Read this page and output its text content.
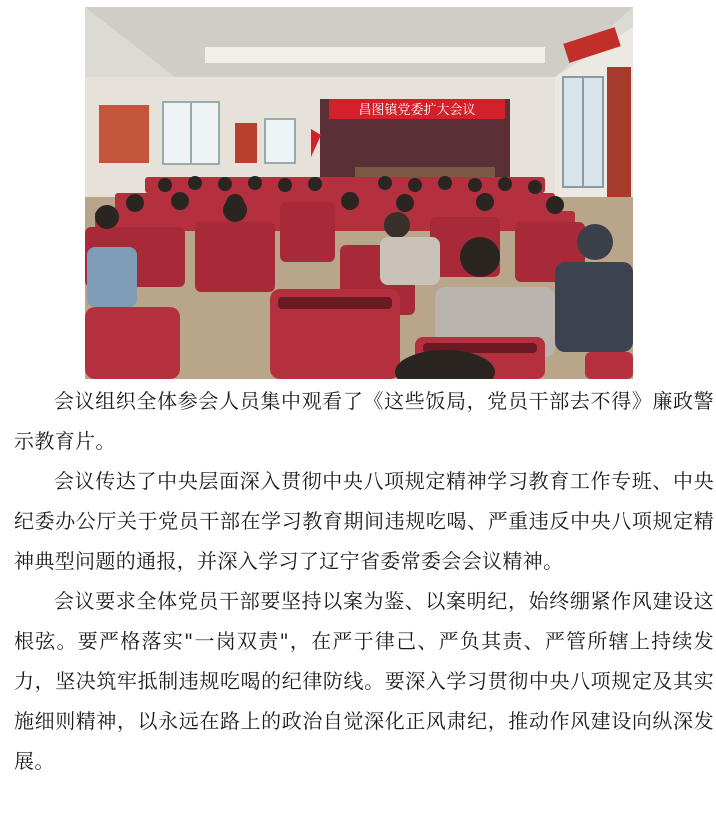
昌图镇党委扩大会议

会议组织全体参会人员集中观看了《这些饭局，党员干部去不得》廉政警示教育片。

会议传达了中央层面深入贯彻中央八项规定精神学习教育工作专班、中央纪委办公厅关于党员干部在学习教育期间违规吃喝、严重违反中央八项规定精神典型问题的通报，并深入学习了辽宁省委常委会会议精神。

会议要求全体党员干部要坚持以案为鉴、以案明纪，始终绷紧作风建设这根弦。要严格落实"一岗双责"，在严于律己、严负其责、严管所辖上持续发力，坚决筑牢抵制违规吃喝的纪律防线。要深入学习贯彻中央八项规定及其实施细则精神，以永远在路上的政治自觉深化正风肃纪，推动作风建设向纵深发展。
